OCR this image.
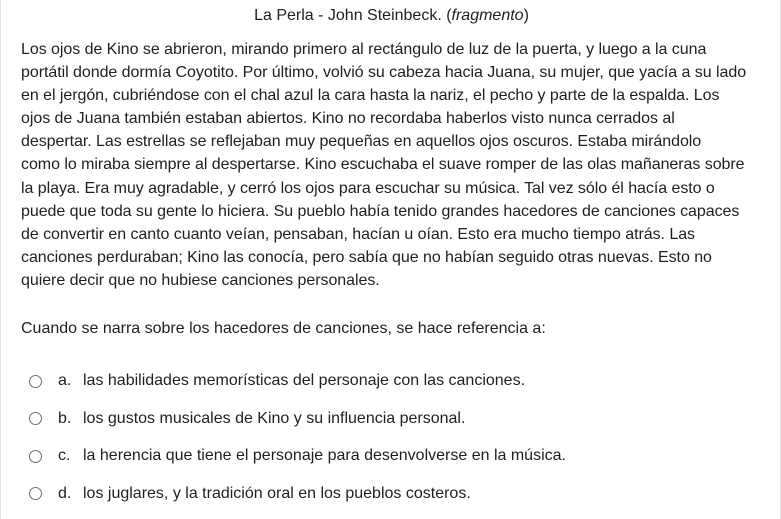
La Perla - John Steinbeck. (fragmento)
Los ojos de Kino se abrieron, mirando primero al rectángulo de luz de la puerta, y luego a la cuna
portátil donde dormía Coyotito. Por último, volvió su cabeza hacia Juana, su mujer, que yacía a su lado
en el jergón, cubriéndose con el chal azul la cara hasta la nariz, el pecho y parte de la espalda. Los
ojos de Juana también estaban abiertos. Kino no recordaba haberlos visto nunca cerrados al
despertar. Las estrellas se reflejaban muy pequeñas en aquellos ojos oscuros. Estaba mirándolo
como lo miraba siempre al despertarse. Kino escuchaba el suave romper de las olas mañaneras sobre
la playa. Era muy agradable, y cerró los ojos para escuchar su música. Tal vez sólo él hacía esto o
puede que toda su gente lo hiciera. Su pueblo había tenido grandes hacedores de canciones capaces
de convertir en canto cuanto veían, pensaban, hacían u oían. Esto era mucho tiempo atrás. Las
canciones perduraban; Kino las conocía, pero sabía que no habían seguido otras nuevas. Esto no
quiere decir que no hubiese canciones personales.
Cuando se narra sobre los hacedores de canciones, se hace referencia a:
a. las habilidades memorísticas del personaje con las canciones.
b. los gustos musicales de Kino y su influencia personal.
c. la herencia que tiene el personaje para desenvolverse en la música.
d. los juglares, y la tradición oral en los pueblos costeros.
